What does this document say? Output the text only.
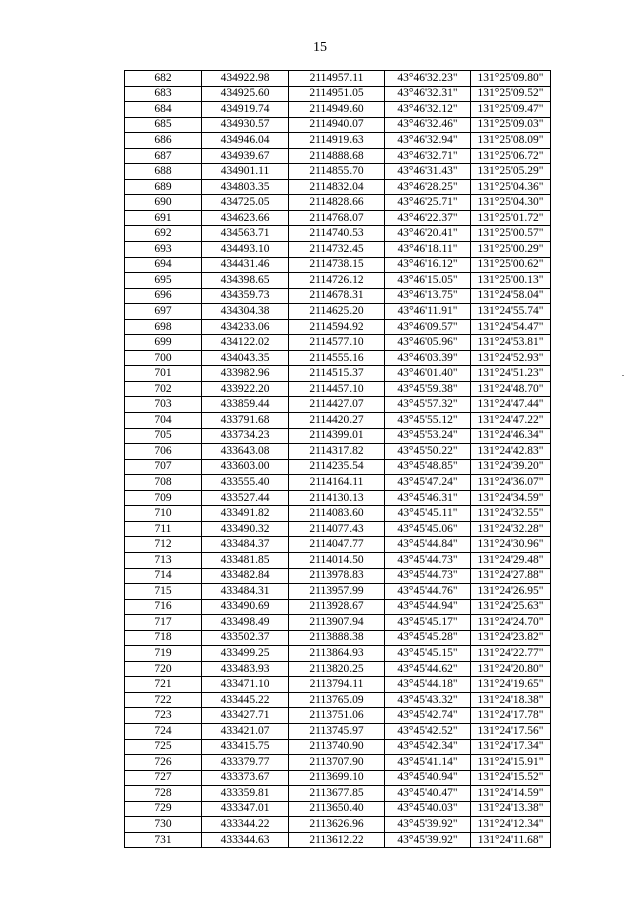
15
682	434922.98	2114957.11	43°46'32.23"	131°25'09.80"
683	434925.60	2114951.05	43°46'32.31"	131°25'09.52"
684	434919.74	2114949.60	43°46'32.12"	131°25'09.47"
685	434930.57	2114940.07	43°46'32.46"	131°25'09.03"
686	434946.04	2114919.63	43°46'32.94"	131°25'08.09"
687	434939.67	2114888.68	43°46'32.71"	131°25'06.72"
688	434901.11	2114855.70	43°46'31.43"	131°25'05.29"
689	434803.35	2114832.04	43°46'28.25"	131°25'04.36"
690	434725.05	2114828.66	43°46'25.71"	131°25'04.30"
691	434623.66	2114768.07	43°46'22.37"	131°25'01.72"
692	434563.71	2114740.53	43°46'20.41"	131°25'00.57"
693	434493.10	2114732.45	43°46'18.11"	131°25'00.29"
694	434431.46	2114738.15	43°46'16.12"	131°25'00.62"
695	434398.65	2114726.12	43°46'15.05"	131°25'00.13"
696	434359.73	2114678.31	43°46'13.75"	131°24'58.04"
697	434304.38	2114625.20	43°46'11.91"	131°24'55.74"
698	434233.06	2114594.92	43°46'09.57"	131°24'54.47"
699	434122.02	2114577.10	43°46'05.96"	131°24'53.81"
700	434043.35	2114555.16	43°46'03.39"	131°24'52.93"
701	433982.96	2114515.37	43°46'01.40"	131°24'51.23"
702	433922.20	2114457.10	43°45'59.38"	131°24'48.70"
703	433859.44	2114427.07	43°45'57.32"	131°24'47.44"
704	433791.68	2114420.27	43°45'55.12"	131°24'47.22"
705	433734.23	2114399.01	43°45'53.24"	131°24'46.34"
706	433643.08	2114317.82	43°45'50.22"	131°24'42.83"
707	433603.00	2114235.54	43°45'48.85"	131°24'39.20"
708	433555.40	2114164.11	43°45'47.24"	131°24'36.07"
709	433527.44	2114130.13	43°45'46.31"	131°24'34.59"
710	433491.82	2114083.60	43°45'45.11"	131°24'32.55"
711	433490.32	2114077.43	43°45'45.06"	131°24'32.28"
712	433484.37	2114047.77	43°45'44.84"	131°24'30.96"
713	433481.85	2114014.50	43°45'44.73"	131°24'29.48"
714	433482.84	2113978.83	43°45'44.73"	131°24'27.88"
715	433484.31	2113957.99	43°45'44.76"	131°24'26.95"
716	433490.69	2113928.67	43°45'44.94"	131°24'25.63"
717	433498.49	2113907.94	43°45'45.17"	131°24'24.70"
718	433502.37	2113888.38	43°45'45.28"	131°24'23.82"
719	433499.25	2113864.93	43°45'45.15"	131°24'22.77"
720	433483.93	2113820.25	43°45'44.62"	131°24'20.80"
721	433471.10	2113794.11	43°45'44.18"	131°24'19.65"
722	433445.22	2113765.09	43°45'43.32"	131°24'18.38"
723	433427.71	2113751.06	43°45'42.74"	131°24'17.78"
724	433421.07	2113745.97	43°45'42.52"	131°24'17.56"
725	433415.75	2113740.90	43°45'42.34"	131°24'17.34"
726	433379.77	2113707.90	43°45'41.14"	131°24'15.91"
727	433373.67	2113699.10	43°45'40.94"	131°24'15.52"
728	433359.81	2113677.85	43°45'40.47"	131°24'14.59"
729	433347.01	2113650.40	43°45'40.03"	131°24'13.38"
730	433344.22	2113626.96	43°45'39.92"	131°24'12.34"
731	433344.63	2113612.22	43°45'39.92"	131°24'11.68"
